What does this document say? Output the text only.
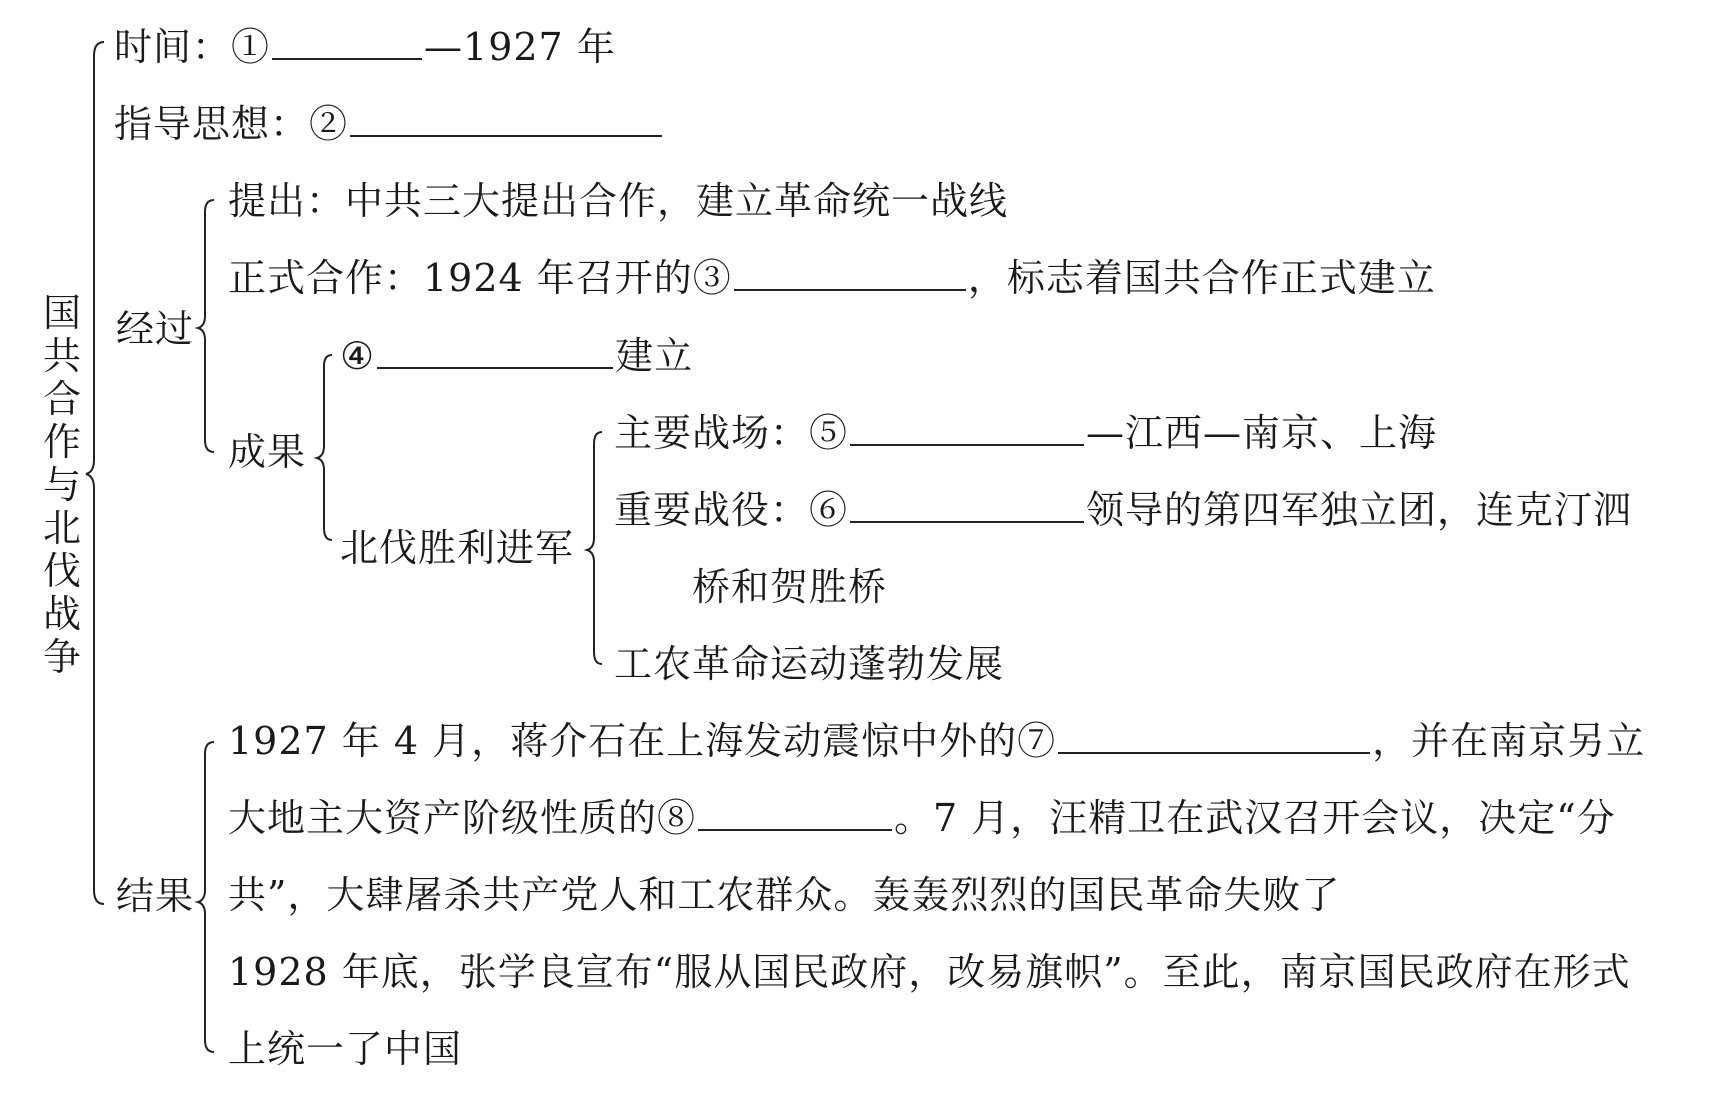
国共合作与北伐战争
时间：①	—1927 年
指导思想：②
经过
提出：中共三大提出合作，建立革命统一战线
正式合作：1924 年召开的③	，标志着国共合作正式建立
成果
④	建立
北伐胜利进军
主要战场：⑤	—江西—南京、上海
重要战役：⑥	领导的第四军独立团，连克汀泗
桥和贺胜桥
工农革命运动蓬勃发展
结果
1927 年 4 月，蒋介石在上海发动震惊中外的⑦	，并在南京另立
大地主大资产阶级性质的⑧	。7 月，汪精卫在武汉召开会议，决定“分
共”，大肆屠杀共产党人和工农群众。轰轰烈烈的国民革命失败了
1928 年底，张学良宣布“服从国民政府，改易旗帜”。至此，南京国民政府在形式
上统一了中国
